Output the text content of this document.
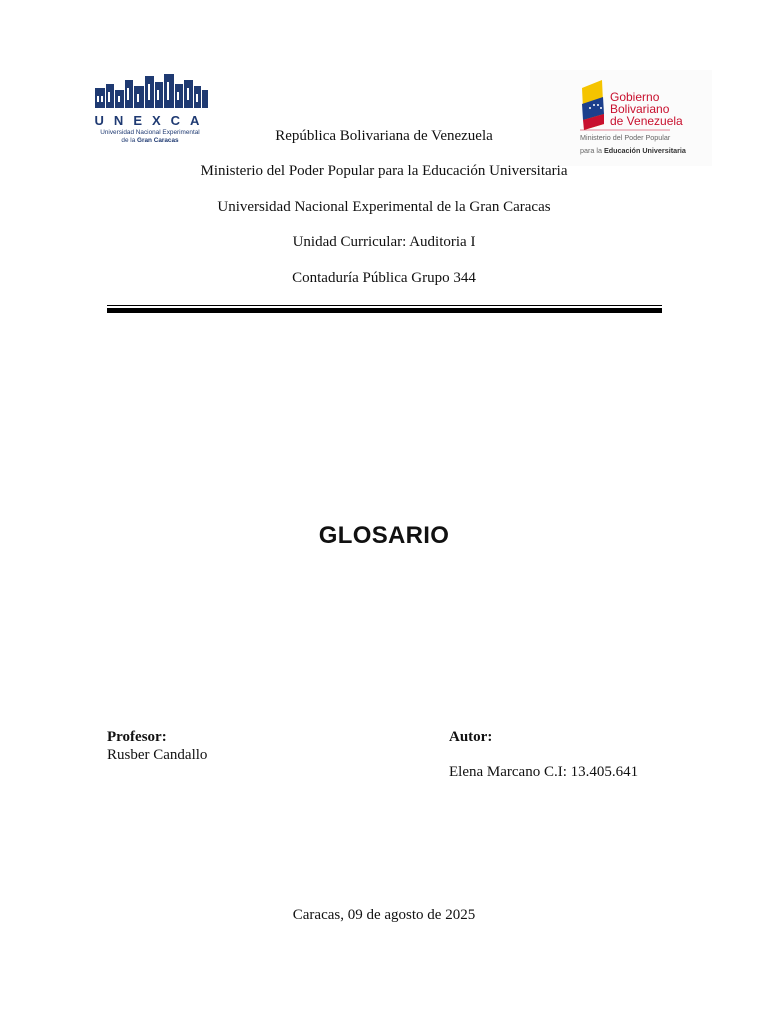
UNEXCA
Universidad Nacional Experimental
de la Gran Caracas
Gobierno
Bolivariano
de Venezuela
Ministerio del Poder Popular
para la Educación Universitaria
República Bolivariana de Venezuela
Ministerio del Poder Popular para la Educación Universitaria
Universidad Nacional Experimental de la Gran Caracas
Unidad Curricular: Auditoria I
Contaduría Pública Grupo 344
GLOSARIO
Profesor:
Rusber Candallo
Autor:
Elena Marcano C.I: 13.405.641
Caracas, 09 de agosto de 2025
